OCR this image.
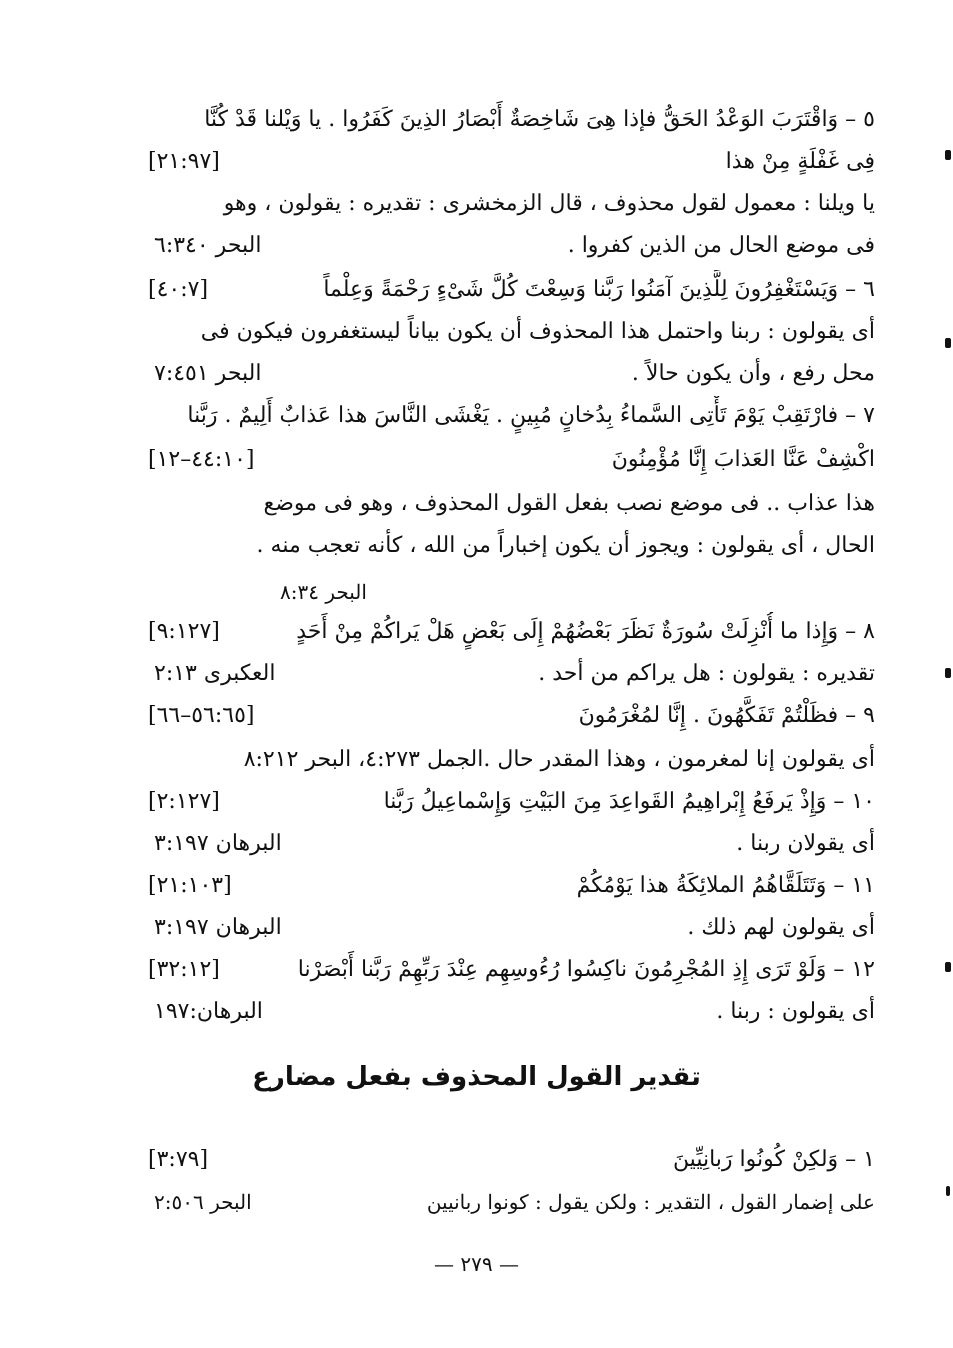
٥ – وَاقْتَرَبَ الوَعْدُ الحَقُّ فإذا هِىَ شَاخِصَةٌ أَبْصَارُ الذِينَ كَفَرُوا . يا وَيْلنا قَدْ كُنَّا
فِى غَفْلَةٍ مِنْ هذا
[٢١:٩٧]
يا ويلنا : معمول لقول محذوف ، قال الزمخشرى : تقديره : يقولون ، وهو
فى موضع الحال من الذين كفروا .
البحر ٦:٣٤٠
٦ – وَيَسْتَغْفِرُونَ لِلَّذِينَ آمَنُوا رَبَّنا وَسِعْتَ كُلَّ شَىْءٍ رَحْمَةً وَعِلْماً
[٤٠:٧]
أى يقولون : ربنا واحتمل هذا المحذوف أن يكون بياناً ليستغفرون فيكون فى
محل رفع ، وأن يكون حالاً .
البحر ٧:٤٥١
٧ – فارْتَقِبْ يَوْمَ تَأْتِى السَّماءُ بِدُخانٍ مُبِينٍ . يَغْشَى النَّاسَ هذا عَذابٌ أَلِيمٌ . رَبَّنا
اكْشِفْ عَنَّا العَذابَ إِنَّا مُؤْمِنُونَ
[٤٤:١٠–١٢]
هذا عذاب .. فى موضع نصب بفعل القول المحذوف ، وهو فى موضع
الحال ، أى يقولون : ويجوز أن يكون إخباراً من الله ، كأنه تعجب منه .
البحر ٨:٣٤
٨ – وَإِذا ما أُنْزِلَتْ سُورَةٌ نَظَرَ بَعْضُهُمْ إِلَى بَعْضٍ هَلْ يَراكُمْ مِنْ أَحَدٍ
[٩:١٢٧]
تقديره : يقولون : هل يراكم من أحد .
العكبرى ٢:١٣
٩ – فظَلْتُمْ تَفَكَّهُونَ . إِنَّا لمُغْرَمُونَ
[٥٦:٦٥–٦٦]
أى يقولون إنا لمغرمون ، وهذا المقدر حال .الجمل ٤:٢٧٣، البحر ٨:٢١٢
١٠ – وَإِذْ يَرفَعُ إِبْراهِيمُ القَواعِدَ مِنَ البَيْتِ وَإِسْماعِيلُ رَبَّنا
[٢:١٢٧]
أى يقولان ربنا .
البرهان ٣:١٩٧
١١ – وَتَتَلَقَّاهُمُ الملائِكَةُ هذا يَوْمُكُمْ
[٢١:١٠٣]
أى يقولون لهم ذلك .
البرهان ٣:١٩٧
١٢ – وَلَوْ تَرَى إِذِ المُجْرِمُونَ ناكِسُوا رُءُوسِهِم عِنْدَ رَبِّهِمْ رَبَّنا أَبْصَرْنا
[٣٢:١٢]
أى يقولون : ربنا .
البرهان:١٩٧
تقدير القول المحذوف بفعل مضارع
١ – وَلكِنْ كُونُوا رَبانِيِّينَ
[٣:٧٩]
على إضمار القول ، التقدير : ولكن يقول : كونوا ربانيين
البحر ٢:٥٠٦
— ٢٧٩ —
